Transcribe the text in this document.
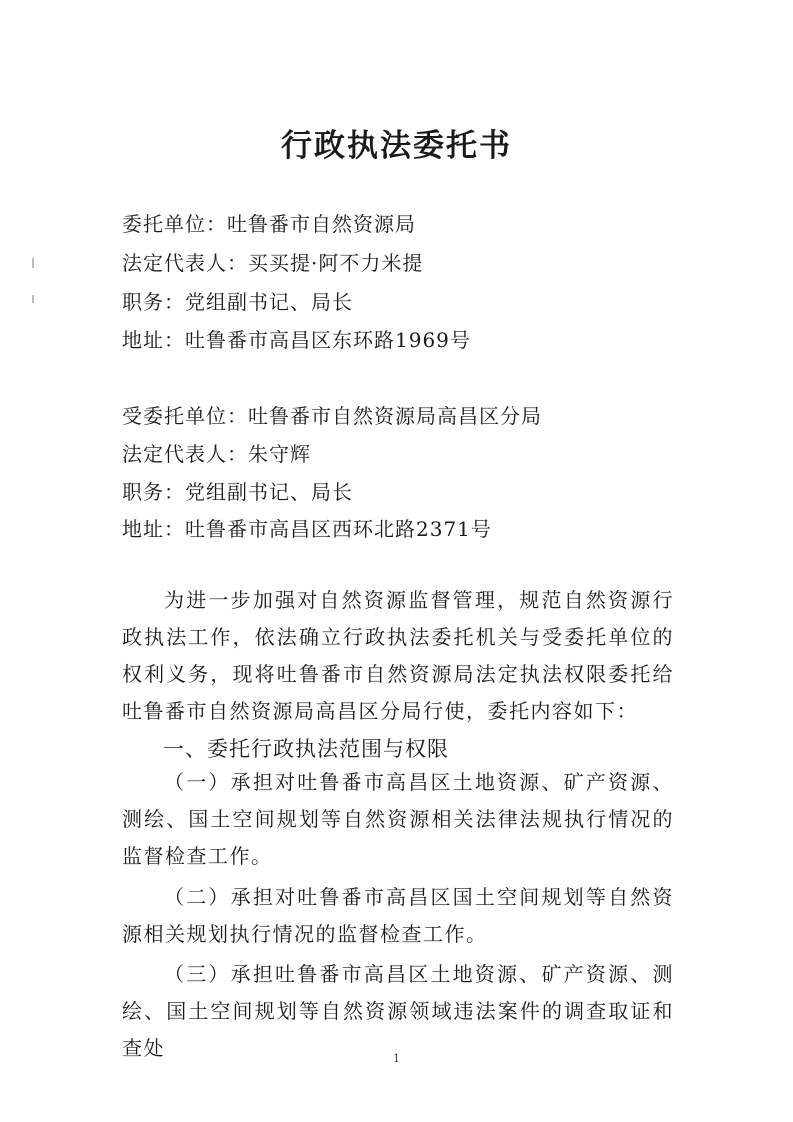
行政执法委托书
委托单位：吐鲁番市自然资源局
法定代表人：买买提·阿不力米提
职务：党组副书记、局长
地址：吐鲁番市高昌区东环路1969号
受委托单位：吐鲁番市自然资源局高昌区分局
法定代表人：朱守辉
职务：党组副书记、局长
地址：吐鲁番市高昌区西环北路2371号
为进一步加强对自然资源监督管理，规范自然资源行政执法工作，依法确立行政执法委托机关与受委托单位的权利义务，现将吐鲁番市自然资源局法定执法权限委托给吐鲁番市自然资源局高昌区分局行使，委托内容如下：
一、委托行政执法范围与权限
（一）承担对吐鲁番市高昌区土地资源、矿产资源、测绘、国土空间规划等自然资源相关法律法规执行情况的监督检查工作。
（二）承担对吐鲁番市高昌区国土空间规划等自然资源相关规划执行情况的监督检查工作。
（三）承担吐鲁番市高昌区土地资源、矿产资源、测绘、国土空间规划等自然资源领域违法案件的调查取证和查处	1
